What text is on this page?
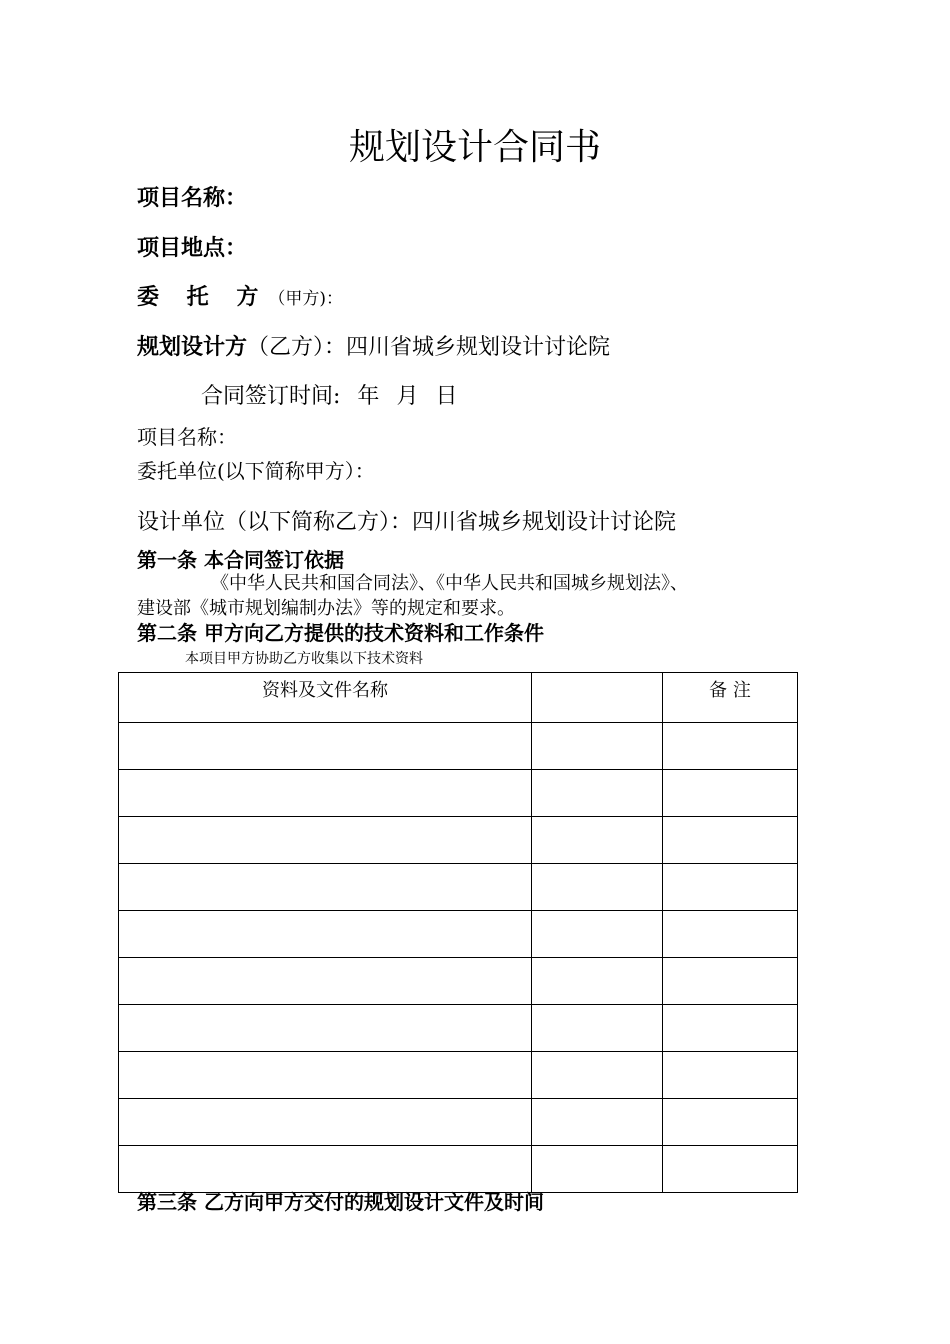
规划设计合同书
项目名称：
项目地点：
委 托 方（甲方)：
规划设计方（乙方）：四川省城乡规划设计讨论院
合同签订时间: 年 月 日
项目名称：
委托单位(以下简称甲方）：
设计单位（以下简称乙方）：四川省城乡规划设计讨论院
第一条 本合同签订依据
《中华人民共和国合同法》、《中华人民共和国城乡规划法》、
建设部《城市规划编制办法》等的规定和要求。
第二条 甲方向乙方提供的技术资料和工作条件
本项目甲方协助乙方收集以下技术资料
资料及文件名称		备 注

第三条 乙方向甲方交付的规划设计文件及时间
